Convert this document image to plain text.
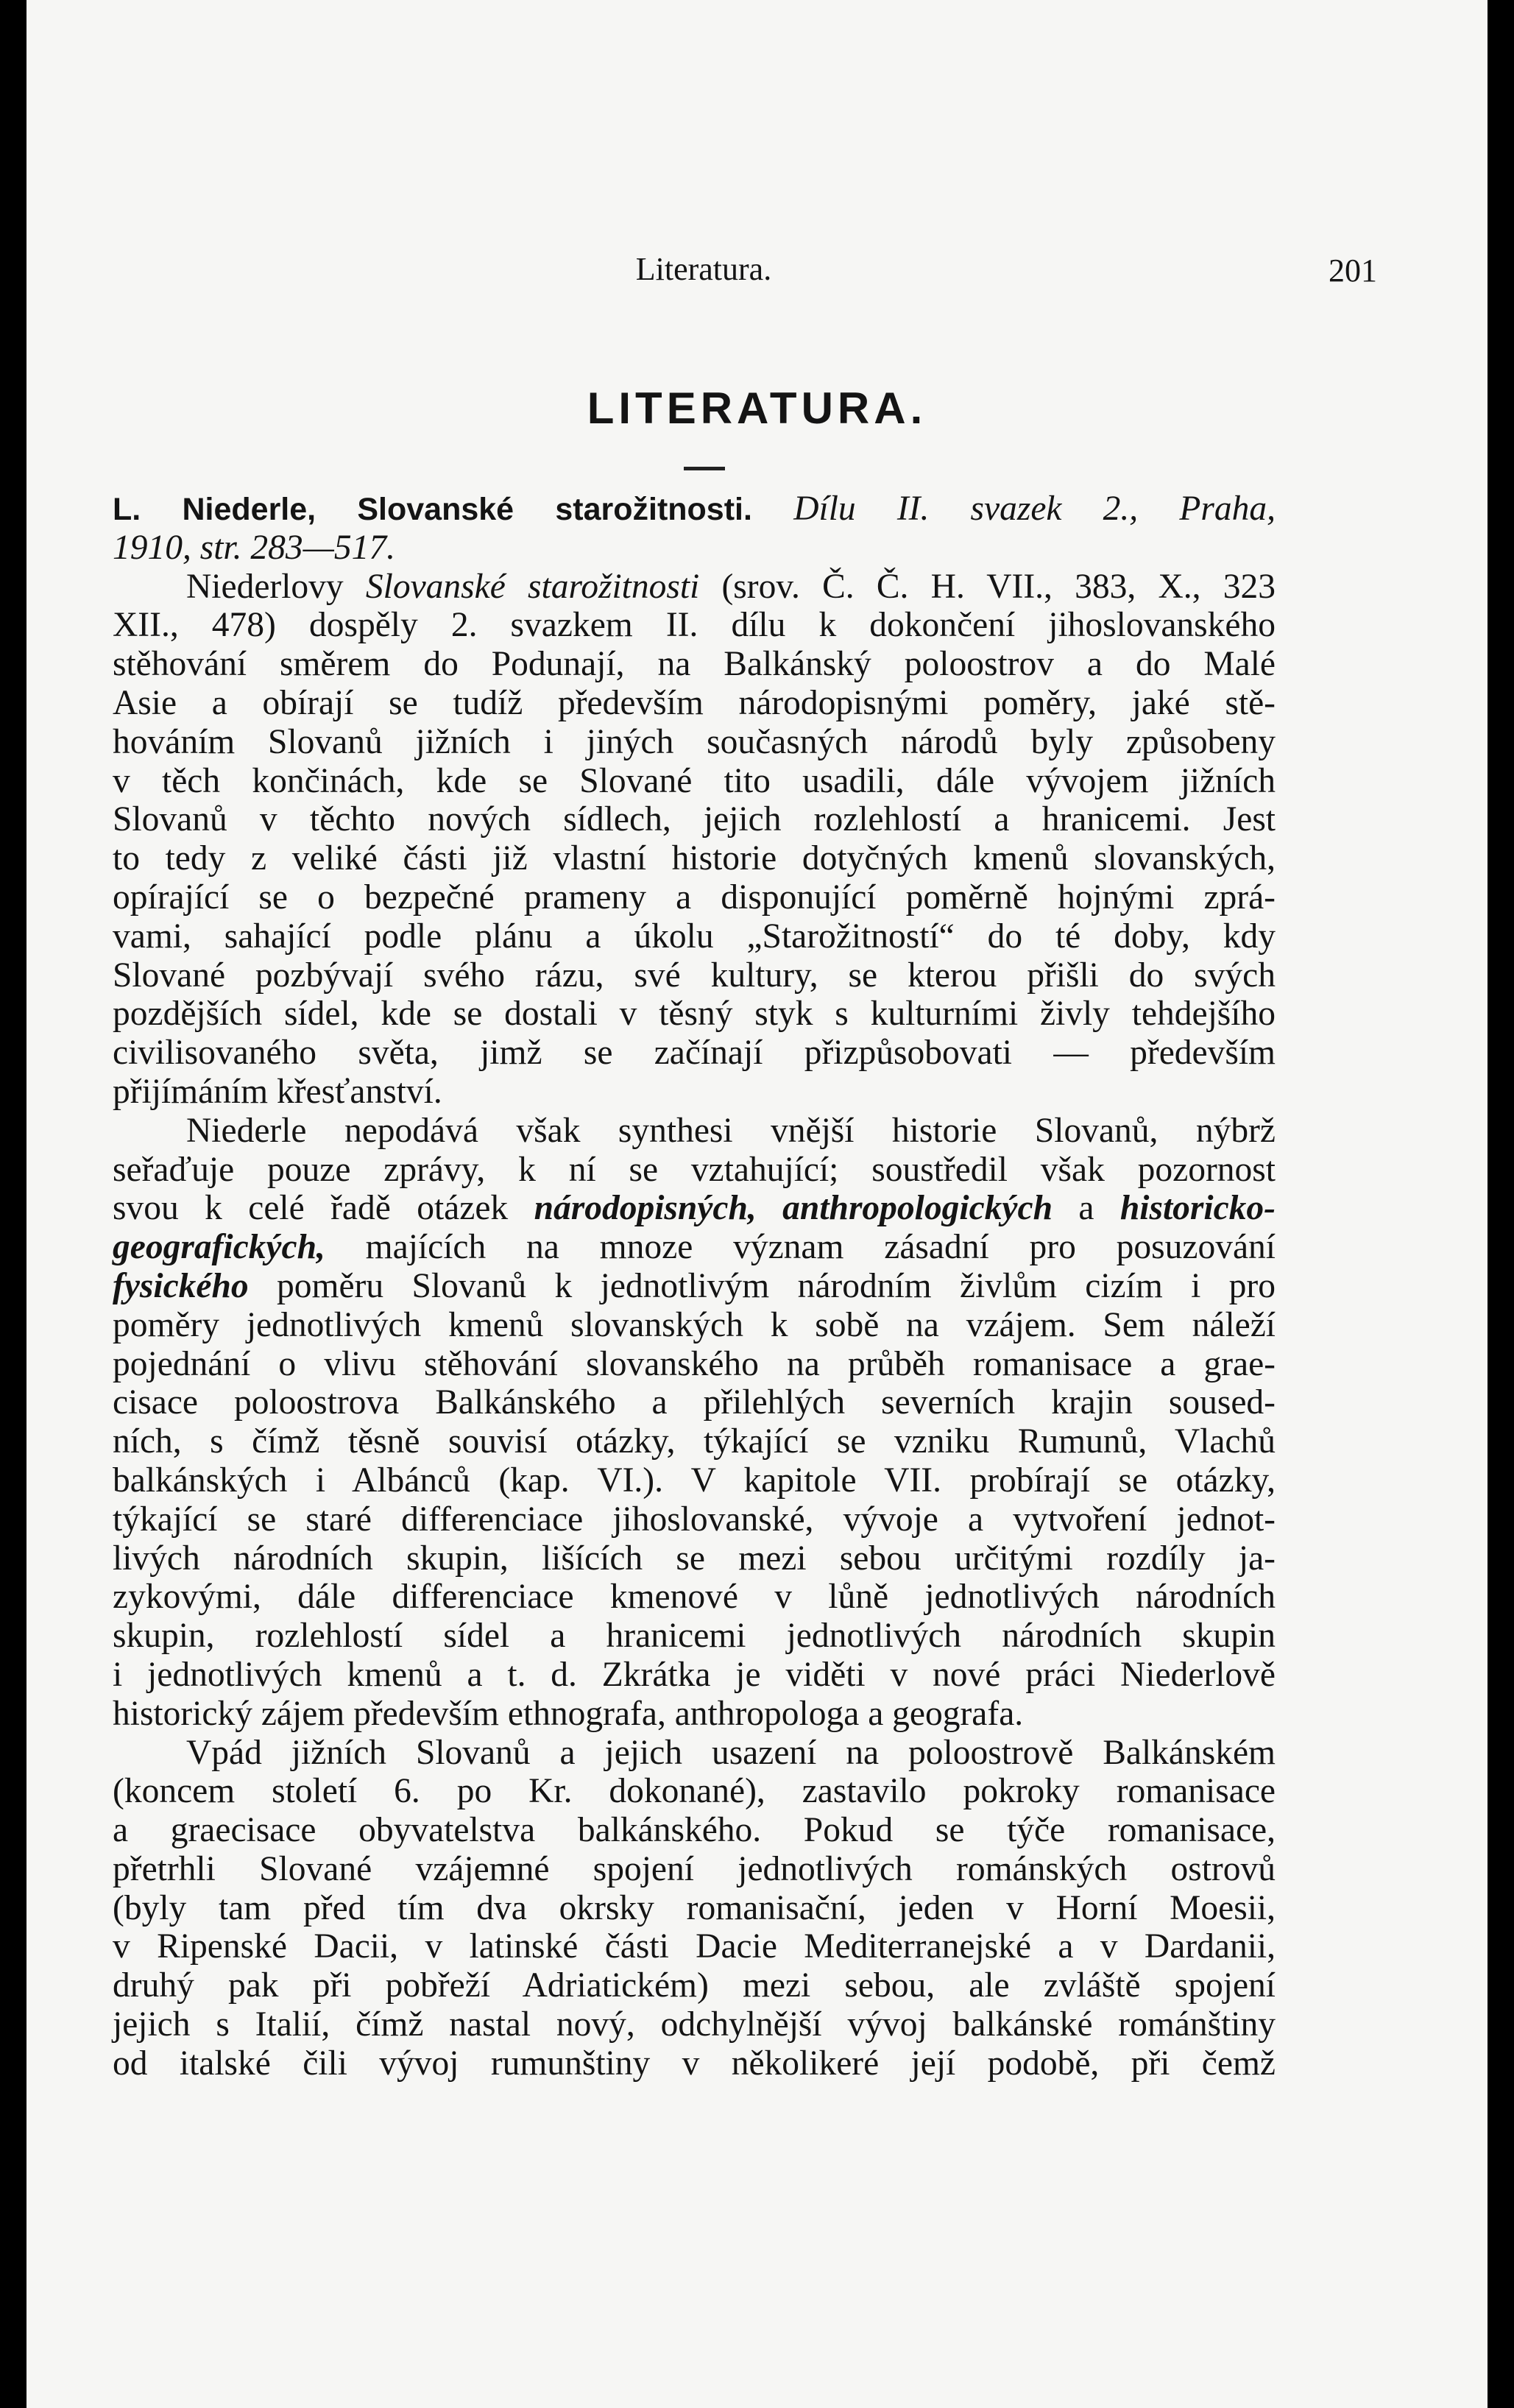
Literatura.	201
LITERATURA.
L. Niederle, Slovanské starožitnosti. Dílu II. svazek 2., Praha,
1910, str. 283—517.
Niederlovy Slovanské starožitnosti (srov. Č. Č. H. VII., 383, X., 323
XII., 478) dospěly 2. svazkem II. dílu k dokončení jihoslovanského
stěhování směrem do Podunají, na Balkánský poloostrov a do Malé
Asie a obírají se tudíž především národopisnými poměry, jaké stě-
hováním Slovanů jižních i jiných současných národů byly způsobeny
v těch končinách, kde se Slované tito usadili, dále vývojem jižních
Slovanů v těchto nových sídlech, jejich rozlehlostí a hranicemi. Jest
to tedy z veliké části již vlastní historie dotyčných kmenů slovanských,
opírající se o bezpečné prameny a disponující poměrně hojnými zprá-
vami, sahající podle plánu a úkolu „Starožitností“ do té doby, kdy
Slované pozbývají svého rázu, své kultury, se kterou přišli do svých
pozdějších sídel, kde se dostali v těsný styk s kulturními živly tehdejšího
civilisovaného světa, jimž se začínají přizpůsobovati — především
přijímáním křesťanství.
Niederle nepodává však synthesi vnější historie Slovanů, nýbrž
seřaďuje pouze zprávy, k ní se vztahující; soustředil však pozornost
svou k celé řadě otázek národopisných, anthropologických a historicko-
geografických, majících na mnoze význam zásadní pro posuzování
fysického poměru Slovanů k jednotlivým národním živlům cizím i pro
poměry jednotlivých kmenů slovanských k sobě na vzájem. Sem náleží
pojednání o vlivu stěhování slovanského na průběh romanisace a grae-
cisace poloostrova Balkánského a přilehlých severních krajin soused-
ních, s čímž těsně souvisí otázky, týkající se vzniku Rumunů, Vlachů
balkánských i Albánců (kap. VI.). V kapitole VII. probírají se otázky,
týkající se staré differenciace jihoslovanské, vývoje a vytvoření jednot-
livých národních skupin, lišících se mezi sebou určitými rozdíly ja-
zykovými, dále differenciace kmenové v lůně jednotlivých národních
skupin, rozlehlostí sídel a hranicemi jednotlivých národních skupin
i jednotlivých kmenů a t. d. Zkrátka je viděti v nové práci Niederlově
historický zájem především ethnografa, anthropologa a geografa.
Vpád jižních Slovanů a jejich usazení na poloostrově Balkánském
(koncem století 6. po Kr. dokonané), zastavilo pokroky romanisace
a graecisace obyvatelstva balkánského. Pokud se týče romanisace,
přetrhli Slované vzájemné spojení jednotlivých románských ostrovů
(byly tam před tím dva okrsky romanisační, jeden v Horní Moesii,
v Ripenské Dacii, v latinské části Dacie Mediterranejské a v Dardanii,
druhý pak při pobřeží Adriatickém) mezi sebou, ale zvláště spojení
jejich s Italií, čímž nastal nový, odchylnější vývoj balkánské románštiny
od italské čili vývoj rumunštiny v několikeré její podobě, při čemž
